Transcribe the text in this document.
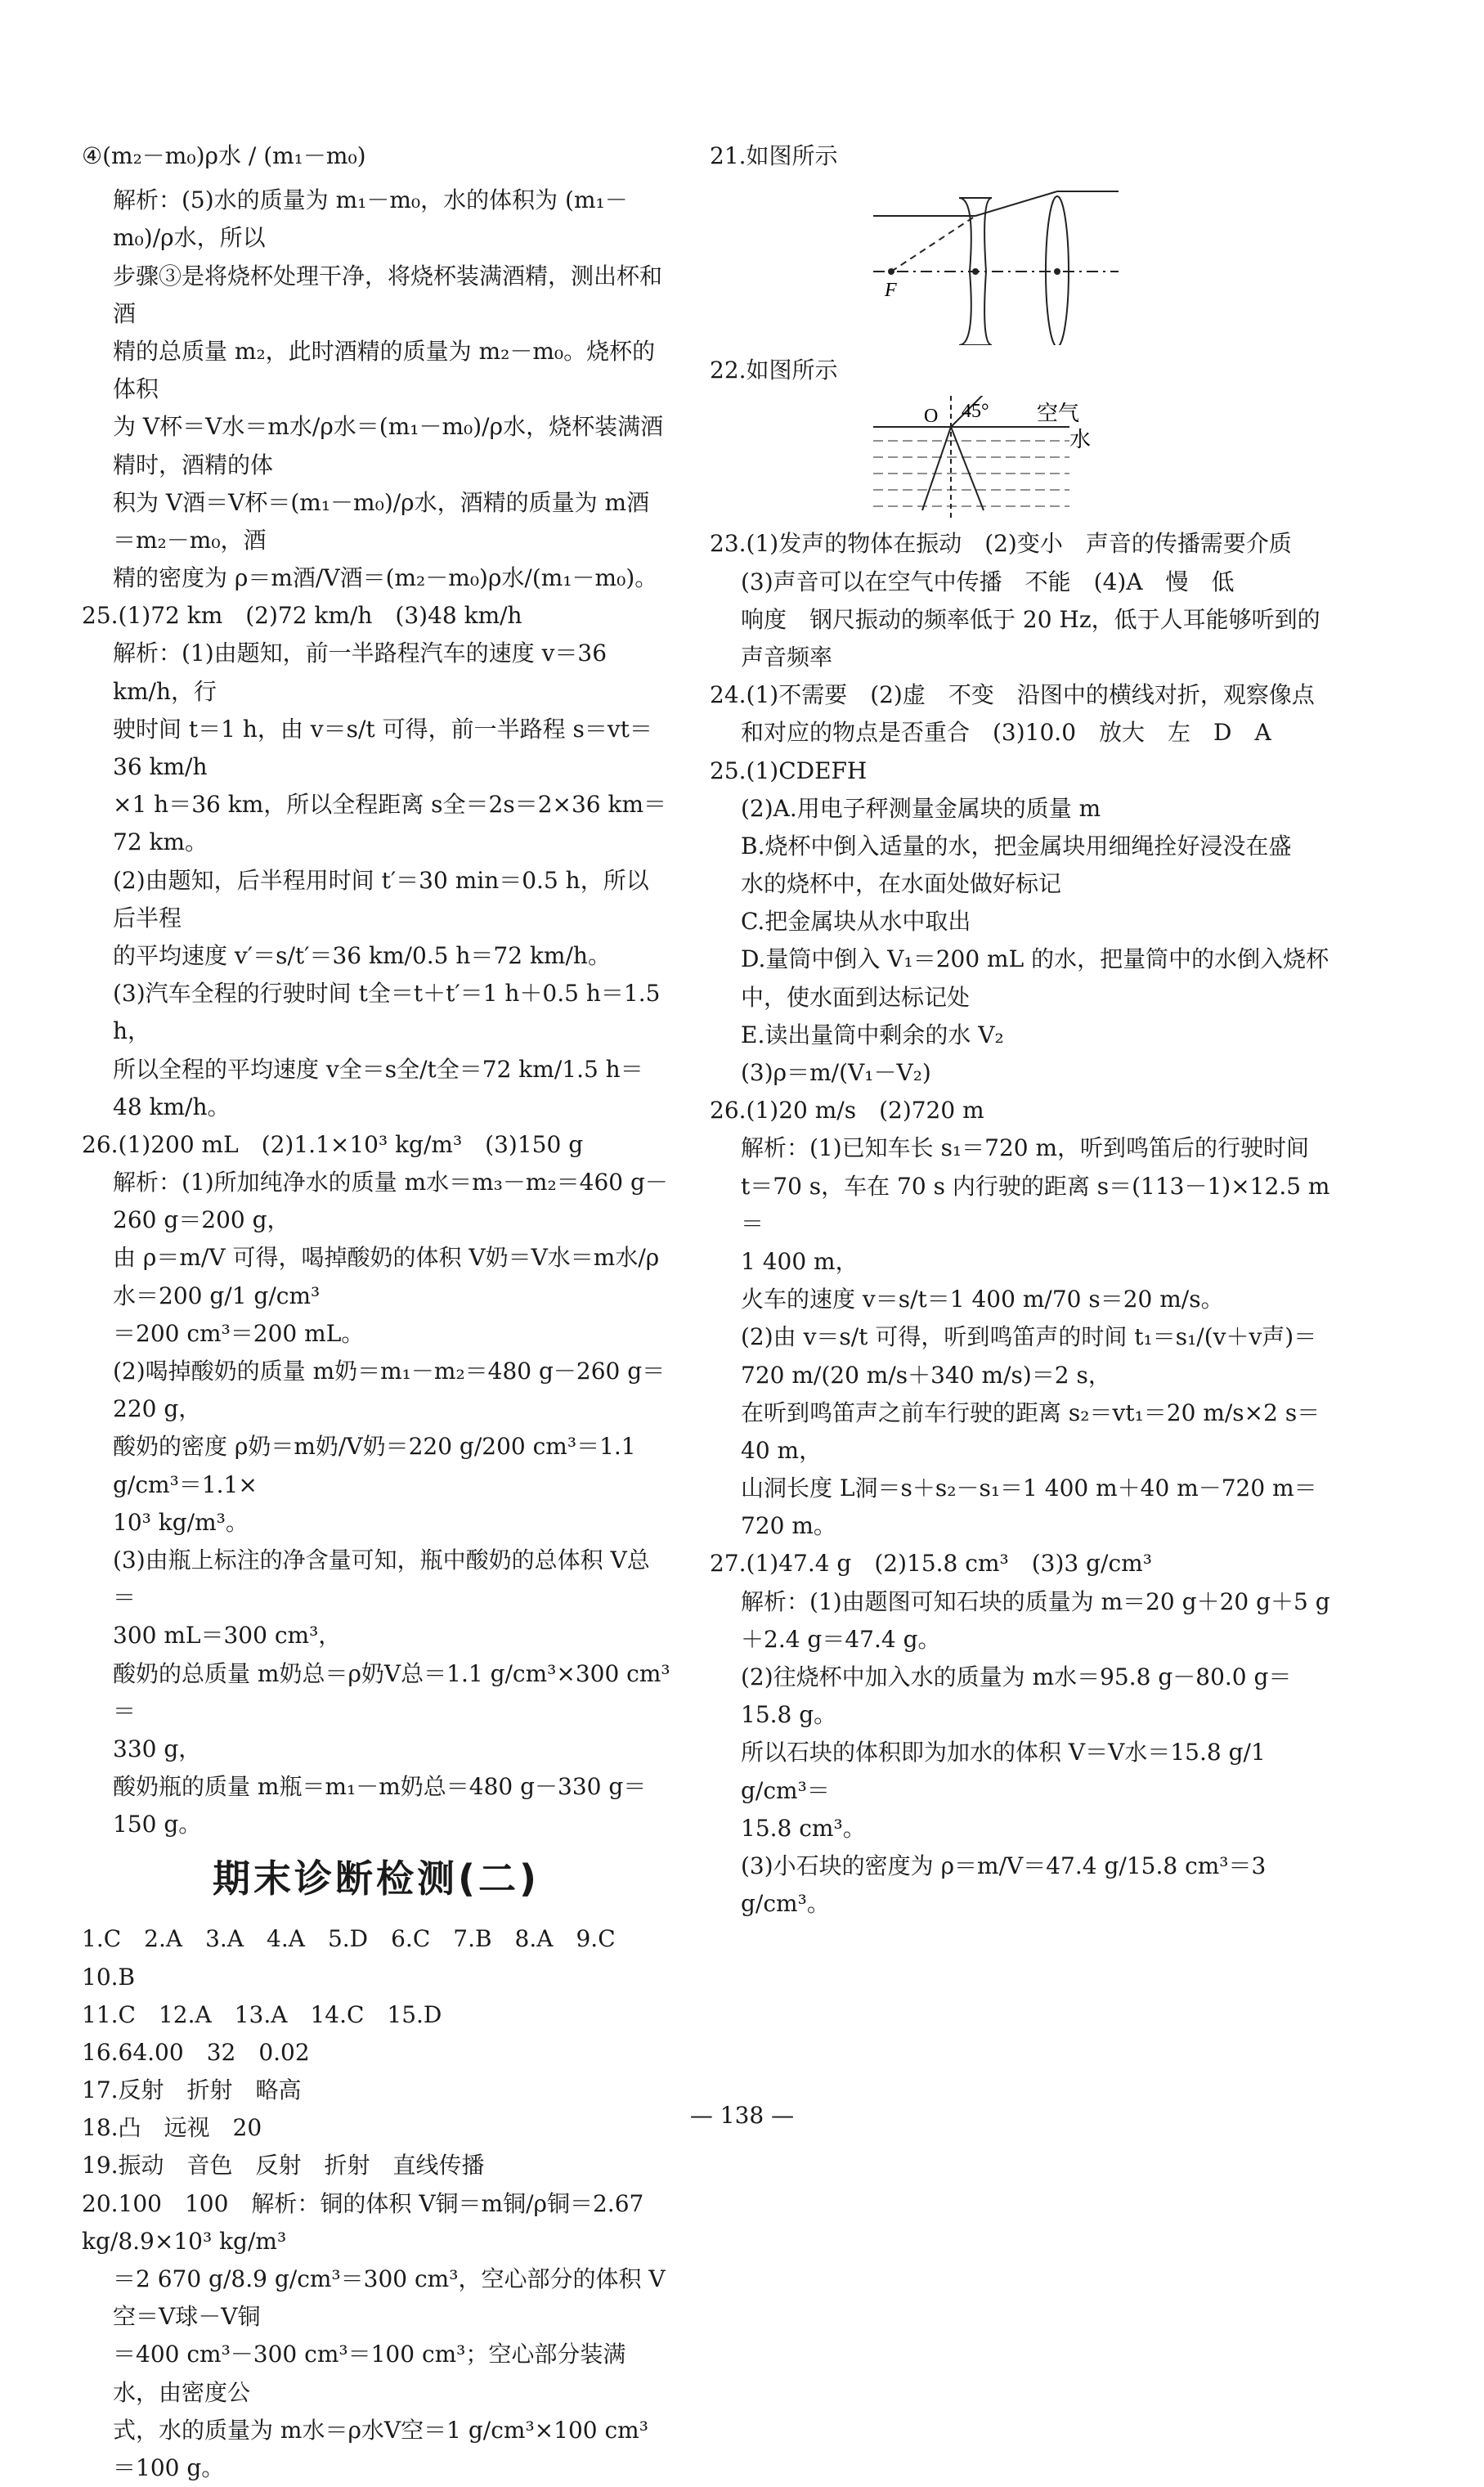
④(m₂－m₀)ρ水 / (m₁－m₀)

解析：(5)水的质量为 m₁－m₀，水的体积为 (m₁－m₀)/ρ水，所以

步骤③是将烧杯处理干净，将烧杯装满酒精，测出杯和酒

精的总质量 m₂，此时酒精的质量为 m₂－m₀。烧杯的体积

为 V杯＝V水＝m水/ρ水＝(m₁－m₀)/ρ水，烧杯装满酒精时，酒精的体

积为 V酒＝V杯＝(m₁－m₀)/ρ水，酒精的质量为 m酒＝m₂－m₀，酒

精的密度为 ρ＝m酒/V酒＝(m₂－m₀)ρ水/(m₁－m₀)。

25.(1)72 km　(2)72 km/h　(3)48 km/h

解析：(1)由题知，前一半路程汽车的速度 v＝36 km/h，行

驶时间 t＝1 h，由 v＝s/t 可得，前一半路程 s＝vt＝36 km/h

×1 h＝36 km，所以全程距离 s全＝2s＝2×36 km＝

72 km。

(2)由题知，后半程用时间 t′＝30 min＝0.5 h，所以后半程

的平均速度 v′＝s/t′＝36 km/0.5 h＝72 km/h。

(3)汽车全程的行驶时间 t全＝t＋t′＝1 h＋0.5 h＝1.5 h，

所以全程的平均速度 v全＝s全/t全＝72 km/1.5 h＝48 km/h。

26.(1)200 mL　(2)1.1×10³ kg/m³　(3)150 g

解析：(1)所加纯净水的质量 m水＝m₃－m₂＝460 g－

260 g＝200 g，

由 ρ＝m/V 可得，喝掉酸奶的体积 V奶＝V水＝m水/ρ水＝200 g/1 g/cm³

＝200 cm³＝200 mL。

(2)喝掉酸奶的质量 m奶＝m₁－m₂＝480 g－260 g＝

220 g，

酸奶的密度 ρ奶＝m奶/V奶＝220 g/200 cm³＝1.1 g/cm³＝1.1×

10³ kg/m³。

(3)由瓶上标注的净含量可知，瓶中酸奶的总体积 V总＝

300 mL＝300 cm³，

酸奶的总质量 m奶总＝ρ奶V总＝1.1 g/cm³×300 cm³＝

330 g，

酸奶瓶的质量 m瓶＝m₁－m奶总＝480 g－330 g＝150 g。

期末诊断检测(二)

1.C　2.A　3.A　4.A　5.D　6.C　7.B　8.A　9.C　10.B

11.C　12.A　13.A　14.C　15.D

16.64.00　32　0.02

17.反射　折射　略高

18.凸　远视　20

19.振动　音色　反射　折射　直线传播

20.100　100　解析：铜的体积 V铜＝m铜/ρ铜＝2.67 kg/8.9×10³ kg/m³

＝2 670 g/8.9 g/cm³＝300 cm³，空心部分的体积 V空＝V球－V铜

＝400 cm³－300 cm³＝100 cm³；空心部分装满水，由密度公

式，水的质量为 m水＝ρ水V空＝1 g/cm³×100 cm³＝100 g。

21.如图所示

F

22.如图所示

O 45° 空气
水

23.(1)发声的物体在振动　(2)变小　声音的传播需要介质

(3)声音可以在空气中传播　不能　(4)A　慢　低

响度　钢尺振动的频率低于 20 Hz，低于人耳能够听到的

声音频率

24.(1)不需要　(2)虚　不变　沿图中的横线对折，观察像点

和对应的物点是否重合　(3)10.0　放大　左　D　A

25.(1)CDEFH

(2)A.用电子秤测量金属块的质量 m

B.烧杯中倒入适量的水，把金属块用细绳拴好浸没在盛

水的烧杯中，在水面处做好标记

C.把金属块从水中取出

D.量筒中倒入 V₁＝200 mL 的水，把量筒中的水倒入烧杯

中，使水面到达标记处

E.读出量筒中剩余的水 V₂

(3)ρ＝m/(V₁－V₂)

26.(1)20 m/s　(2)720 m

解析：(1)已知车长 s₁＝720 m，听到鸣笛后的行驶时间

t＝70 s，车在 70 s 内行驶的距离 s＝(113－1)×12.5 m＝

1 400 m，

火车的速度 v＝s/t＝1 400 m/70 s＝20 m/s。

(2)由 v＝s/t 可得，听到鸣笛声的时间 t₁＝s₁/(v＋v声)＝

720 m/(20 m/s＋340 m/s)＝2 s，

在听到鸣笛声之前车行驶的距离 s₂＝vt₁＝20 m/s×2 s＝

40 m，

山洞长度 L洞＝s＋s₂－s₁＝1 400 m＋40 m－720 m＝

720 m。

27.(1)47.4 g　(2)15.8 cm³　(3)3 g/cm³

解析：(1)由题图可知石块的质量为 m＝20 g＋20 g＋5 g

＋2.4 g＝47.4 g。

(2)往烧杯中加入水的质量为 m水＝95.8 g－80.0 g＝

15.8 g。

所以石块的体积即为加水的体积 V＝V水＝15.8 g/1 g/cm³＝

15.8 cm³。

(3)小石块的密度为 ρ＝m/V＝47.4 g/15.8 cm³＝3 g/cm³。

— 138 —
